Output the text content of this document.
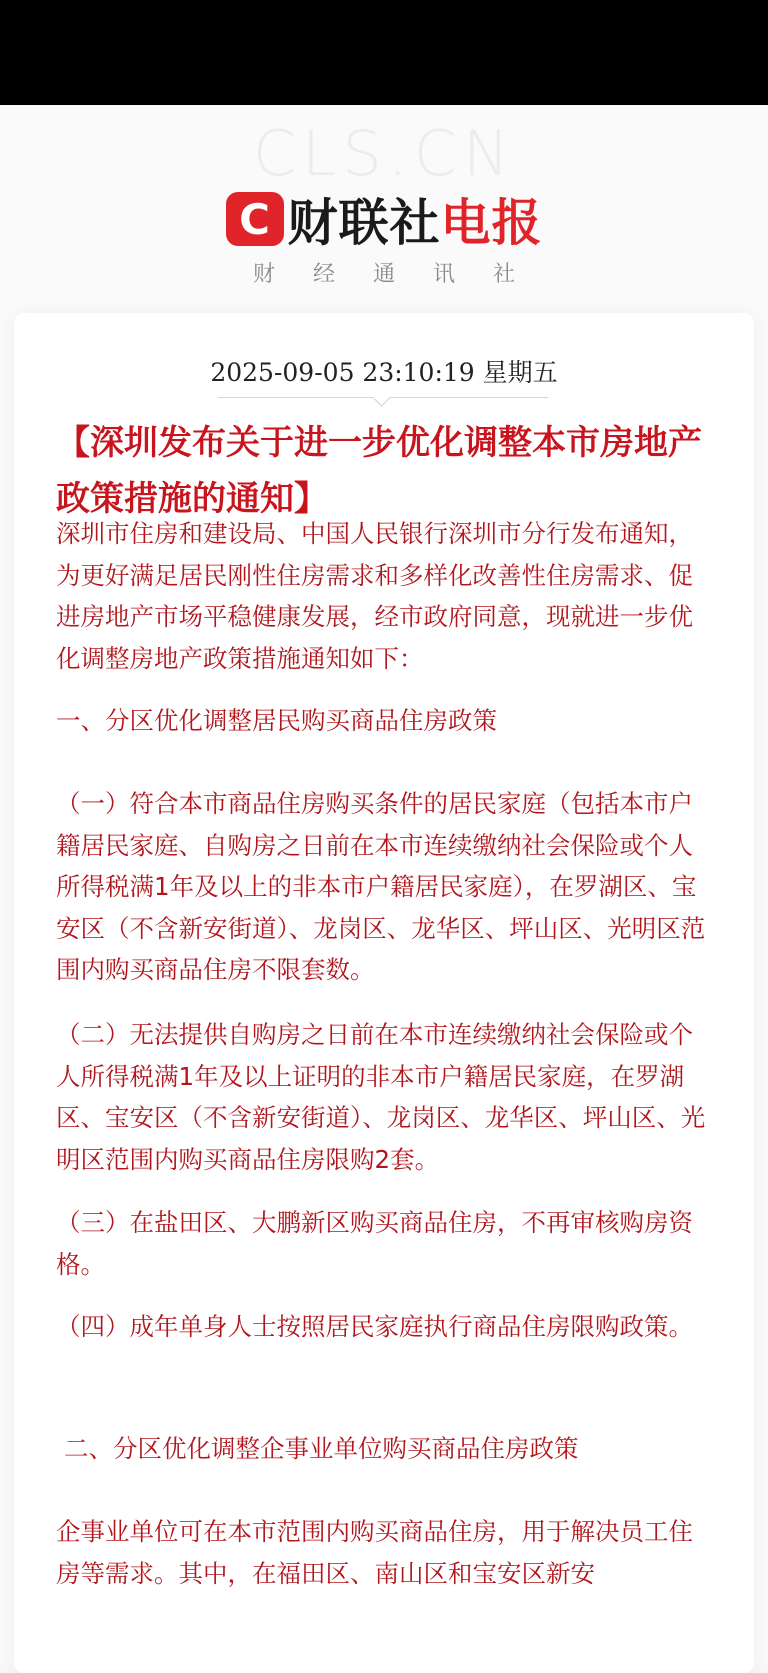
CLS.CN
C 财联社电报
财经通讯社
2025-09-05 23:10:19 星期五
【深圳发布关于进一步优化调整本市房地产政策措施的通知】

深圳市住房和建设局、中国人民银行深圳市分行发布通知，为更好满足居民刚性住房需求和多样化改善性住房需求、促进房地产市场平稳健康发展，经市政府同意，现就进一步优化调整房地产政策措施通知如下：

一、分区优化调整居民购买商品住房政策

（一）符合本市商品住房购买条件的居民家庭（包括本市户籍居民家庭、自购房之日前在本市连续缴纳社会保险或个人所得税满1年及以上的非本市户籍居民家庭），在罗湖区、宝安区（不含新安街道）、龙岗区、龙华区、坪山区、光明区范围内购买商品住房不限套数。

（二）无法提供自购房之日前在本市连续缴纳社会保险或个人所得税满1年及以上证明的非本市户籍居民家庭，在罗湖区、宝安区（不含新安街道）、龙岗区、龙华区、坪山区、光明区范围内购买商品住房限购2套。

（三）在盐田区、大鹏新区购买商品住房，不再审核购房资格。

（四）成年单身人士按照居民家庭执行商品住房限购政策。

二、分区优化调整企事业单位购买商品住房政策

企事业单位可在本市范围内购买商品住房，用于解决员工住房等需求。其中，在福田区、南山区和宝安区新安
